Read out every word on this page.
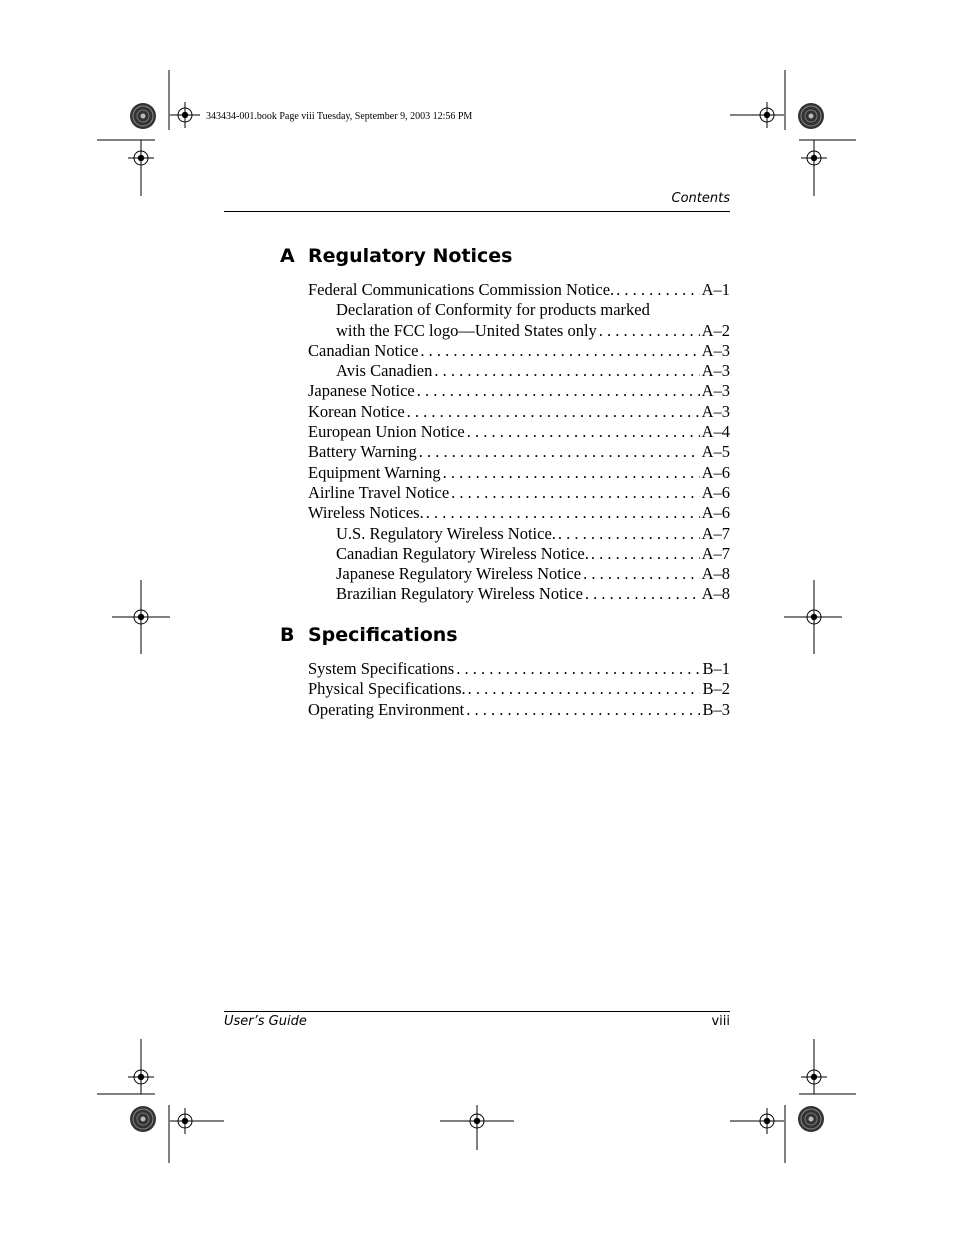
343434-001.book Page viii Tuesday, September 9, 2003 12:56 PM
Contents
A Regulatory Notices
Federal Communications Commission Notice. . . .	A–1
Declaration of Conformity for products marked
with the FCC logo—United States only . . .	A–2
Canadian Notice . . .	A–3
Avis Canadien . . .	A–3
Japanese Notice . . .	A–3
Korean Notice . . .	A–3
European Union Notice . . .	A–4
Battery Warning . . .	A–5
Equipment Warning . . .	A–6
Airline Travel Notice . . .	A–6
Wireless Notices. . . .	A–6
U.S. Regulatory Wireless Notice. . . .	A–7
Canadian Regulatory Wireless Notice. . . .	A–7
Japanese Regulatory Wireless Notice . . .	A–8
Brazilian Regulatory Wireless Notice . . .	A–8
B Specifications
System Specifications . . .	B–1
Physical Specifications. . . .	B–2
Operating Environment . . .	B–3
User’s Guide	viii
